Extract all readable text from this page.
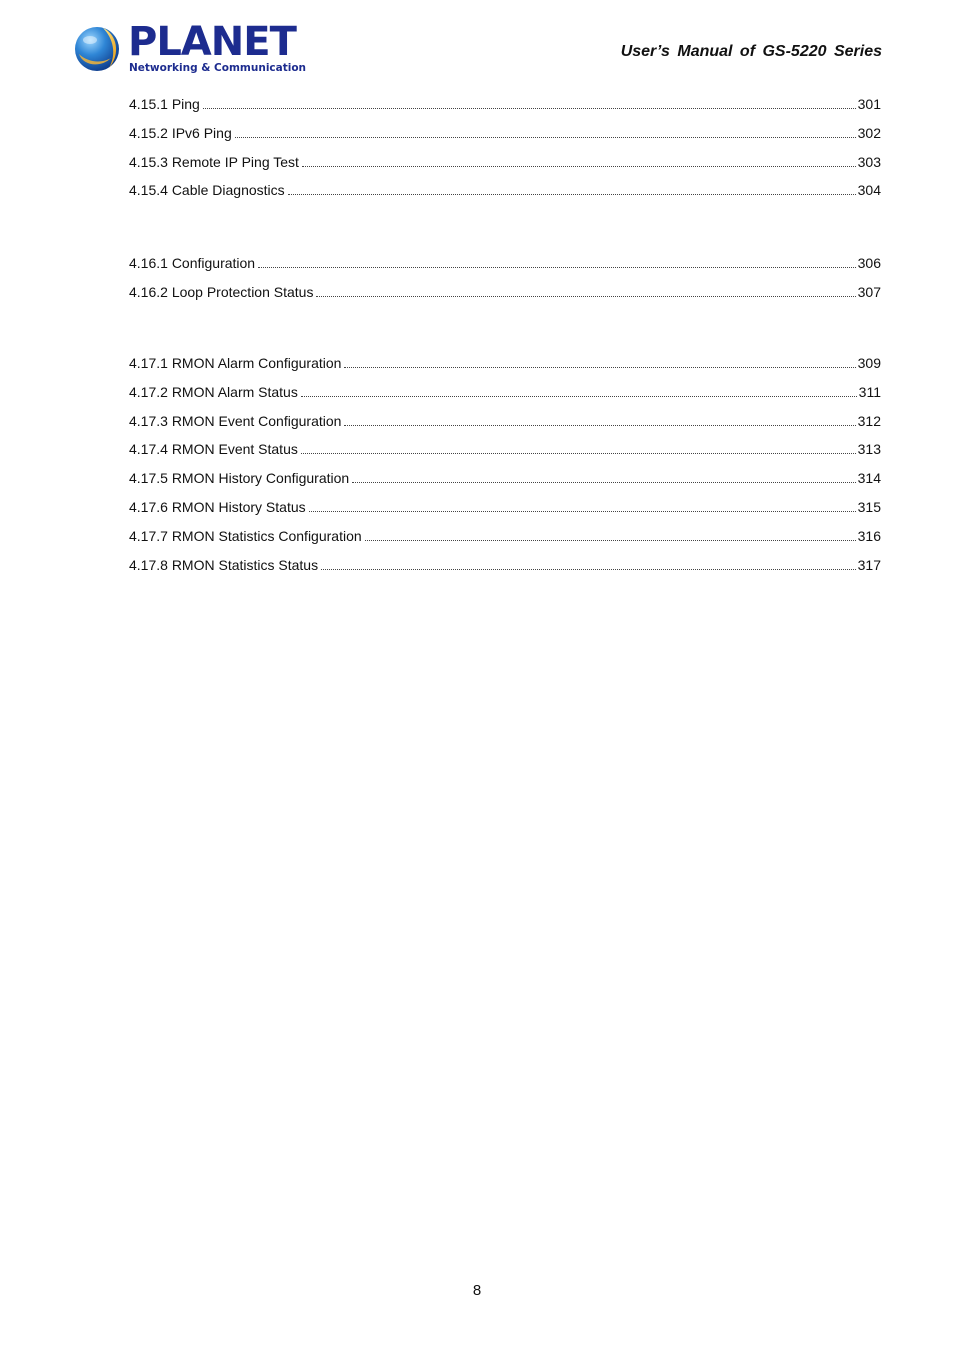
PLANET
Networking & Communication
User’s Manual of GS-5220 Series
4.15.1 Ping	301
4.15.2 IPv6 Ping	302
4.15.3 Remote IP Ping Test	303
4.15.4 Cable Diagnostics	304
4.16.1 Configuration	306
4.16.2 Loop Protection Status	307
4.17.1 RMON Alarm Configuration	309
4.17.2 RMON Alarm Status	311
4.17.3 RMON Event Configuration	312
4.17.4 RMON Event Status	313
4.17.5 RMON History Configuration	314
4.17.6 RMON History Status	315
4.17.7 RMON Statistics Configuration	316
4.17.8 RMON Statistics Status	317
8
